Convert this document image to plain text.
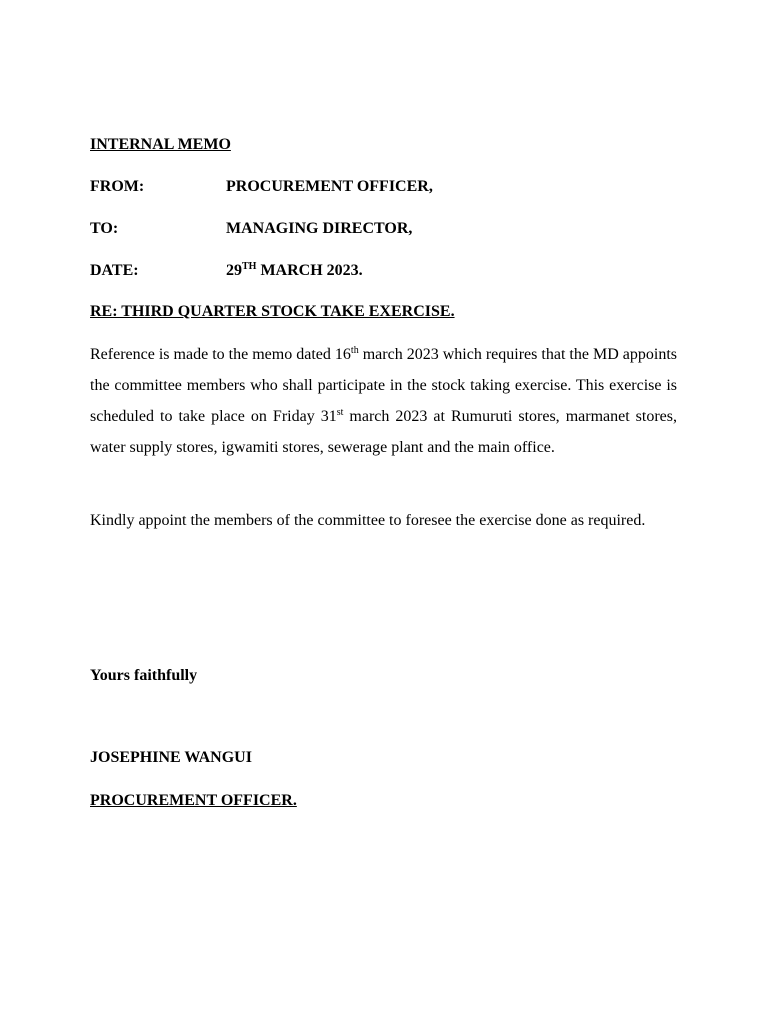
INTERNAL MEMO
FROM:	PROCUREMENT OFFICER,
TO:	MANAGING DIRECTOR,
DATE:	29TH MARCH 2023.
RE: THIRD QUARTER STOCK TAKE EXERCISE.
Reference is made to the memo dated 16th march 2023 which requires that the MD appoints the committee members who shall participate in the stock taking exercise. This exercise is scheduled to take place on Friday 31st march 2023 at Rumuruti stores, marmanet stores, water supply stores, igwamiti stores, sewerage plant and the main office.
Kindly appoint the members of the committee to foresee the exercise done as required.
Yours faithfully
JOSEPHINE WANGUI
PROCUREMENT OFFICER.
